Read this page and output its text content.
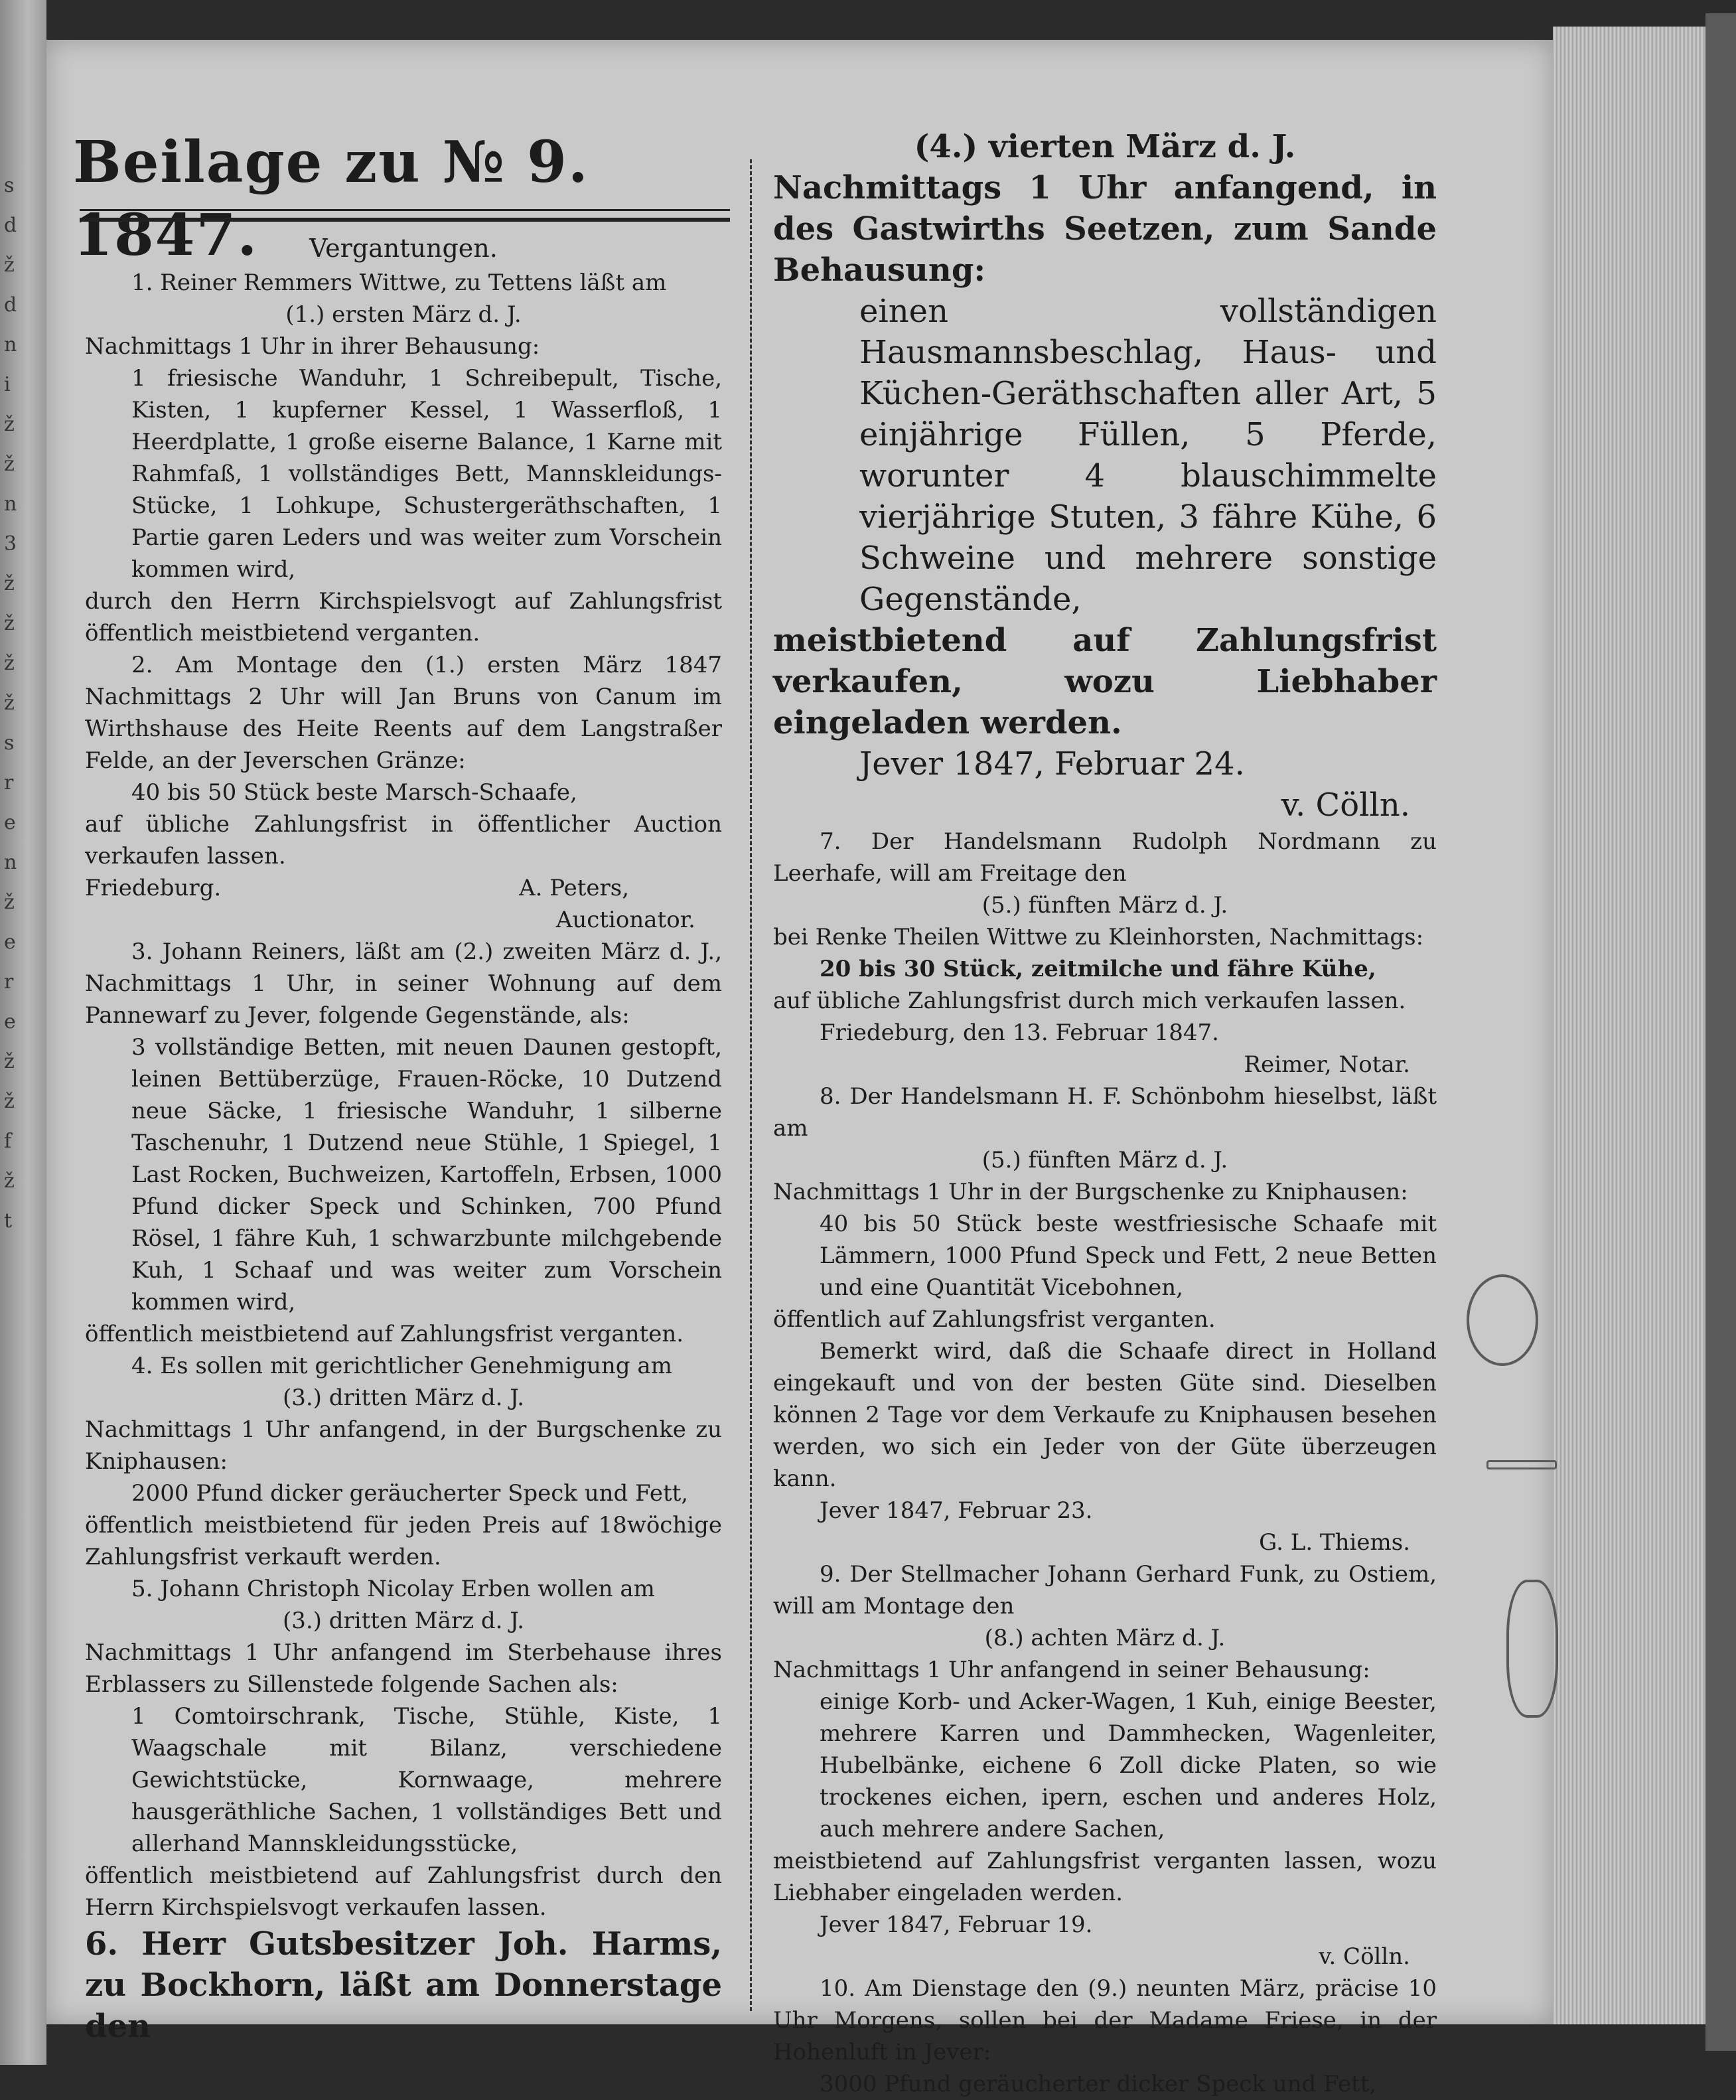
s
d
ž
d
n
i
ž
ž
n
3
ž
ž
ž
ž
s
r
e
n
ž
e
r
e
ž
ž
f
ž
t
Beilage zu № 9. 1847.	Vergantungen.

1. Reiner Remmers Wittwe, zu Tettens läßt am

(1.) ersten März d. J.

Nachmittags 1 Uhr in ihrer Behausung:

1 friesische Wanduhr, 1 Schreibepult, Tische, Kisten, 1 kupferner Kessel, 1 Wasserfloß, 1 Heerdplatte, 1 große eiserne Balance, 1 Karne mit Rahmfaß, 1 vollständiges Bett, Mannskleidungs-Stücke, 1 Lohkupe, Schustergeräthschaften, 1 Partie garen Leders und was weiter zum Vorschein kommen wird,

durch den Herrn Kirchspielsvogt auf Zahlungsfrist öffentlich meistbietend verganten.

2. Am Montage den (1.) ersten März 1847 Nachmittags 2 Uhr will Jan Bruns von Canum im Wirthshause des Heite Reents auf dem Langstraßer Felde, an der Jeverschen Gränze:

40 bis 50 Stück beste Marsch-Schaafe,

auf übliche Zahlungsfrist in öffentlicher Auction verkaufen lassen.

Friedeburg.	A. Peters,

Auctionator.

3. Johann Reiners, läßt am (2.) zweiten März d. J., Nachmittags 1 Uhr, in seiner Wohnung auf dem Pannewarf zu Jever, folgende Gegenstände, als:

3 vollständige Betten, mit neuen Daunen gestopft, leinen Bettüberzüge, Frauen-Röcke, 10 Dutzend neue Säcke, 1 friesische Wanduhr, 1 silberne Taschenuhr, 1 Dutzend neue Stühle, 1 Spiegel, 1 Last Rocken, Buchweizen, Kartoffeln, Erbsen, 1000 Pfund dicker Speck und Schinken, 700 Pfund Rösel, 1 fähre Kuh, 1 schwarzbunte milchgebende Kuh, 1 Schaaf und was weiter zum Vorschein kommen wird,

öffentlich meistbietend auf Zahlungsfrist verganten.

4. Es sollen mit gerichtlicher Genehmigung am

(3.) dritten März d. J.

Nachmittags 1 Uhr anfangend, in der Burgschenke zu Kniphausen:

2000 Pfund dicker geräucherter Speck und Fett,

öffentlich meistbietend für jeden Preis auf 18wöchige Zahlungsfrist verkauft werden.

5. Johann Christoph Nicolay Erben wollen am

(3.) dritten März d. J.

Nachmittags 1 Uhr anfangend im Sterbehause ihres Erblassers zu Sillenstede folgende Sachen als:

1 Comtoirschrank, Tische, Stühle, Kiste, 1 Waagschale mit Bilanz, verschiedene Gewichtstücke, Kornwaage, mehrere hausgeräthliche Sachen, 1 vollständiges Bett und allerhand Mannskleidungsstücke,

öffentlich meistbietend auf Zahlungsfrist durch den Herrn Kirchspielsvogt verkaufen lassen.

6. Herr Gutsbesitzer Joh. Harms, zu Bockhorn, läßt am Donnerstage den

(4.) vierten März d. J.

Nachmittags 1 Uhr anfangend, in des Gastwirths Seetzen, zum Sande Behausung:

einen vollständigen Hausmannsbeschlag, Haus- und Küchen-Geräthschaften aller Art, 5 einjährige Füllen, 5 Pferde, worunter 4 blauschimmelte vierjährige Stuten, 3 fähre Kühe, 6 Schweine und mehrere sonstige Gegenstände,

meistbietend auf Zahlungsfrist verkaufen, wozu Liebhaber eingeladen werden.

Jever 1847, Februar 24.

v. Cölln.

7. Der Handelsmann Rudolph Nordmann zu Leerhafe, will am Freitage den

(5.) fünften März d. J.

bei Renke Theilen Wittwe zu Kleinhorsten, Nachmittags:

20 bis 30 Stück, zeitmilche und fähre Kühe,

auf übliche Zahlungsfrist durch mich verkaufen lassen.

Friedeburg, den 13. Februar 1847.

Reimer, Notar.

8. Der Handelsmann H. F. Schönbohm hieselbst, läßt am

(5.) fünften März d. J.

Nachmittags 1 Uhr in der Burgschenke zu Kniphausen:

40 bis 50 Stück beste westfriesische Schaafe mit Lämmern, 1000 Pfund Speck und Fett, 2 neue Betten und eine Quantität Vicebohnen,

öffentlich auf Zahlungsfrist verganten.

Bemerkt wird, daß die Schaafe direct in Holland eingekauft und von der besten Güte sind. Dieselben können 2 Tage vor dem Verkaufe zu Kniphausen besehen werden, wo sich ein Jeder von der Güte überzeugen kann.

Jever 1847, Februar 23.

G. L. Thiems.

9. Der Stellmacher Johann Gerhard Funk, zu Ostiem, will am Montage den

(8.) achten März d. J.

Nachmittags 1 Uhr anfangend in seiner Behausung:

einige Korb- und Acker-Wagen, 1 Kuh, einige Beester, mehrere Karren und Dammhecken, Wagenleiter, Hubelbänke, eichene 6 Zoll dicke Platen, so wie trockenes eichen, ipern, eschen und anderes Holz, auch mehrere andere Sachen,

meistbietend auf Zahlungsfrist verganten lassen, wozu Liebhaber eingeladen werden.

Jever 1847, Februar 19.

v. Cölln.

10. Am Dienstage den (9.) neunten März, präcise 10 Uhr Morgens, sollen bei der Madame Friese, in der Hohenluft in Jever:

3000 Pfund geräucherter dicker Speck und Fett,
